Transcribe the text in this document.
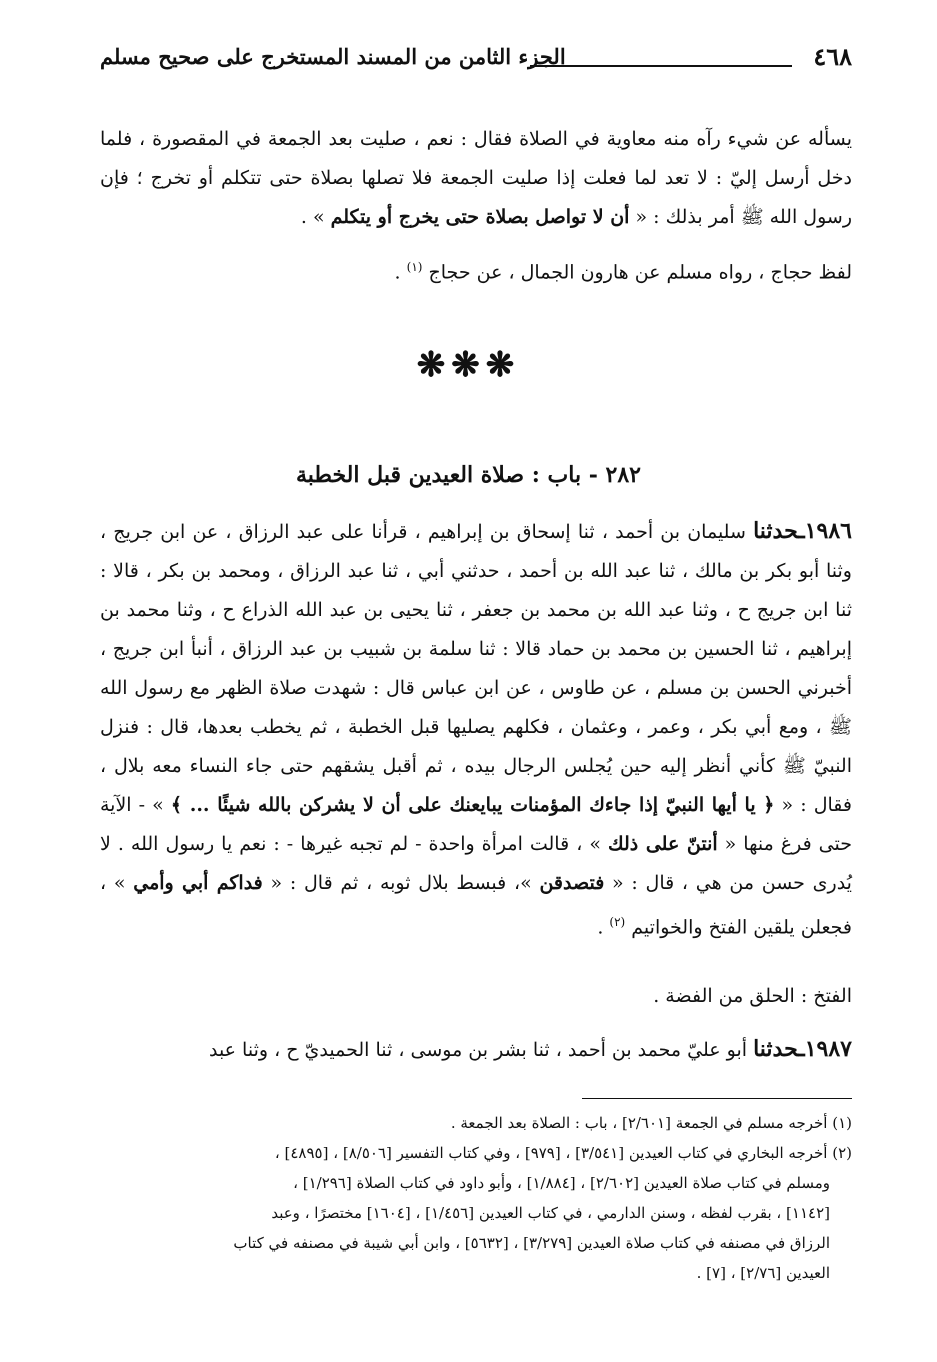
٤٦٨
الجزء الثامن من المسند المستخرج على صحيح مسلم
يسأله عن شيء رآه منه معاوية في الصلاة فقال : نعم ، صليت بعد الجمعة في المقصورة ، فلما دخل أرسل إليّ : لا تعد لما فعلت إذا صليت الجمعة فلا تصلها بصلاة حتى تتكلم أو تخرج ؛ فإن رسول الله ﷺ أمر بذلك : « أن لا تواصل بصلاة حتى يخرج أو يتكلم » .
لفظ حجاج ، رواه مسلم عن هارون الجمال ، عن حجاج $^{(١)}$ .
❋❋❋
٢٨٢ - باب : صلاة العيدين قبل الخطبة
١٩٨٦ـحدثنا سليمان بن أحمد ، ثنا إسحاق بن إبراهيم ، قرأنا على عبد الرزاق ، عن ابن جريج ، وثنا أبو بكر بن مالك ، ثنا عبد الله بن أحمد ، حدثني أبي ، ثنا عبد الرزاق ، ومحمد بن بكر ، قالا : ثنا ابن جريج ح ، وثنا عبد الله بن محمد بن جعفر ، ثنا يحيى بن عبد الله الذراع ح ، وثنا محمد بن إبراهيم ، ثنا الحسين بن محمد بن حماد قالا : ثنا سلمة بن شبيب بن عبد الرزاق ، أنبأ ابن جريج ، أخبرني الحسن بن مسلم ، عن طاوس ، عن ابن عباس قال : شهدت صلاة الظهر مع رسول الله ﷺ ، ومع أبي بكر ، وعمر ، وعثمان ، فكلهم يصليها قبل الخطبة ، ثم يخطب بعدها، قال : فنزل النبيّ ﷺ كأني أنظر إليه حين يُجلس الرجال بيده ، ثم أقبل يشقهم حتى جاء النساء معه بلال ، فقال : « ﴿ يا أيها النبيّ إذا جاءك المؤمنات يبايعنك على أن لا يشركن بالله شيئًا ... ﴾ » - الآية حتى فرغ منها « أنتنّ على ذلك » ، قالت امرأة واحدة - لم تجبه غيرها - : نعم يا رسول الله . لا يُدرى حسن من هي ، قال : « فتصدقن »، فبسط بلال ثوبه ، ثم قال : « فداكم أبي وأمي » ، فجعلن يلقين الفتخ والخواتيم $^{(٢)}$ .
الفتخ : الحلق من الفضة .
١٩٨٧ـحدثنا أبو عليّ محمد بن أحمد ، ثنا بشر بن موسى ، ثنا الحميديّ ح ، وثنا عبد
(١) أخرجه مسلم في الجمعة [٢/٦٠١] ، باب : الصلاة بعد الجمعة .
(٢) أخرجه البخاري في كتاب العيدين [٣/٥٤١] ، [٩٧٩] ، وفي كتاب التفسير [٨/٥٠٦] ، [٤٨٩٥] ،
ومسلم في كتاب صلاة العيدين [٢/٦٠٢] ، [١/٨٨٤] ، وأبو داود في كتاب الصلاة [١/٢٩٦] ،
[١١٤٢] ، بقرب لفظه ، وسنن الدارمي ، في كتاب العيدين [١/٤٥٦] ، [١٦٠٤] مختصرًا ، وعبد
الرزاق في مصنفه في كتاب صلاة العيدين [٣/٢٧٩] ، [٥٦٣٢] ، وابن أبي شيبة في مصنفه في كتاب
العيدين [٢/٧٦] ، [٧] .
